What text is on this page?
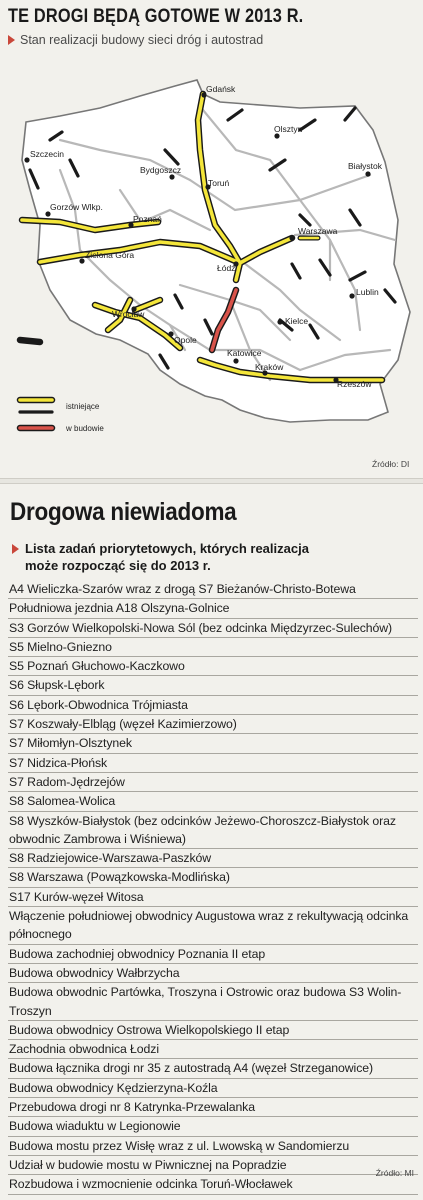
TE DROGI BĘDĄ GOTOWE W 2013 R.
Stan realizacji budowy sieci dróg i autostrad
Gdańsk
Olsztyn
Szczecin
Bydgoszcz
Toruń
Białystok
Gorzów Wlkp.
Poznań
Warszawa
Zielona Góra
Łódź
Lublin
Wrocław
Kielce
Opole
Katowice
Kraków
Rzeszów
istniejące
w budowie
Źródło: DI
Drogowa niewiadoma
Lista zadań priorytetowych, których realizacja
może rozpocząć się do 2013 r.
A4 Wieliczka-Szarów wraz z drogą S7 Bieżanów-Christo-Botewa
Południowa jezdnia A18 Olszyna-Golnice
S3 Gorzów Wielkopolski-Nowa Sól (bez odcinka Międzyrzec-Sulechów)
S5 Mielno-Gniezno
S5 Poznań Głuchowo-Kaczkowo
S6 Słupsk-Lębork
S6 Lębork-Obwodnica Trójmiasta
S7 Koszwały-Elbląg (węzeł Kazimierzowo)
S7 Miłomłyn-Olsztynek
S7 Nidzica-Płońsk
S7 Radom-Jędrzejów
S8 Salomea-Wolica
S8 Wyszków-Białystok (bez odcinków Jeżewo-Choroszcz-Białystok oraz obwodnic Zambrowa i Wiśniewa)
S8 Radziejowice-Warszawa-Paszków
S8 Warszawa (Powązkowska-Modlińska)
S17 Kurów-węzeł Witosa
Włączenie południowej obwodnicy Augustowa wraz z rekultywacją odcinka północnego
Budowa zachodniej obwodnicy Poznania II etap
Budowa obwodnicy Wałbrzycha
Budowa obwodnic Partówka, Troszyna i Ostrowic oraz budowa S3 Wolin-Troszyn
Budowa obwodnicy Ostrowa Wielkopolskiego II etap
Zachodnia obwodnica Łodzi
Budowa łącznika drogi nr 35 z autostradą A4 (węzeł Strzeganowice)
Budowa obwodnicy Kędzierzyna-Koźla
Przebudowa drogi nr 8 Katrynka-Przewalanka
Budowa wiaduktu w Legionowie
Budowa mostu przez Wisłę wraz z ul. Lwowską w Sandomierzu
Udział w budowie mostu w Piwnicznej na Popradzie
Rozbudowa i wzmocnienie odcinka Toruń-Włocławek
Źródło: MI
